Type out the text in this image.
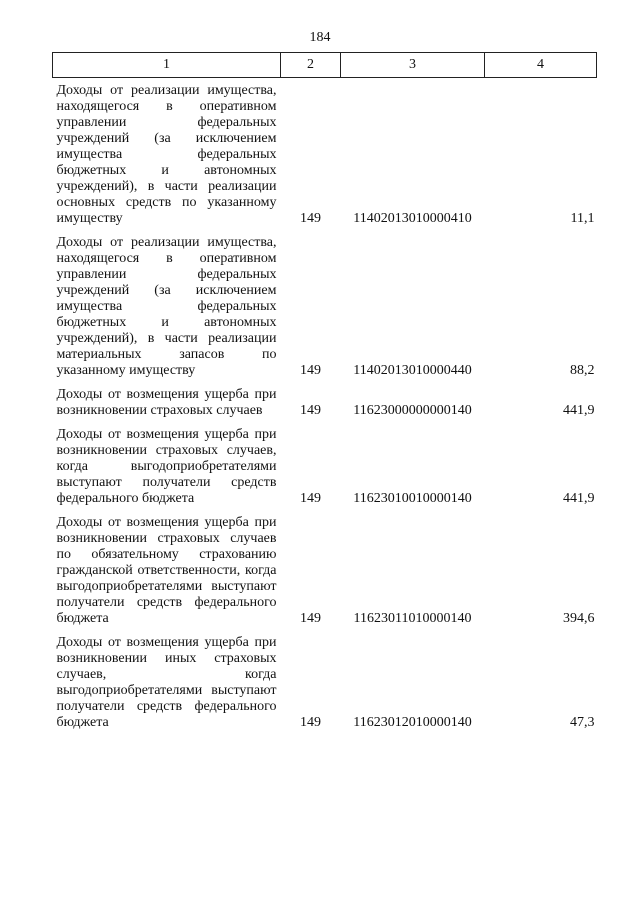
184
1	2	3	4
Доходы от реализации имущества, находящегося в оперативном управлении федеральных учреждений (за исключением имущества федеральных бюджетных и автономных учреждений), в части реализации основных средств по указанному имуществу	149	11402013010000410	11,1
Доходы от реализации имущества, находящегося в оперативном управлении федеральных учреждений (за исключением имущества федеральных бюджетных и автономных учреждений), в части реализации материальных запасов по указанному имуществу	149	11402013010000440	88,2
Доходы от возмещения ущерба при возникновении страховых случаев	149	11623000000000140	441,9
Доходы от возмещения ущерба при возникновении страховых случаев, когда выгодоприобретателями выступают получатели средств федерального бюджета	149	11623010010000140	441,9
Доходы от возмещения ущерба при возникновении страховых случаев по обязательному страхованию гражданской ответственности, когда выгодоприобретателями выступают получатели средств федерального бюджета	149	11623011010000140	394,6
Доходы от возмещения ущерба при возникновении иных страховых случаев, когда выгодоприобретателями выступают получатели средств федерального бюджета	149	11623012010000140	47,3
